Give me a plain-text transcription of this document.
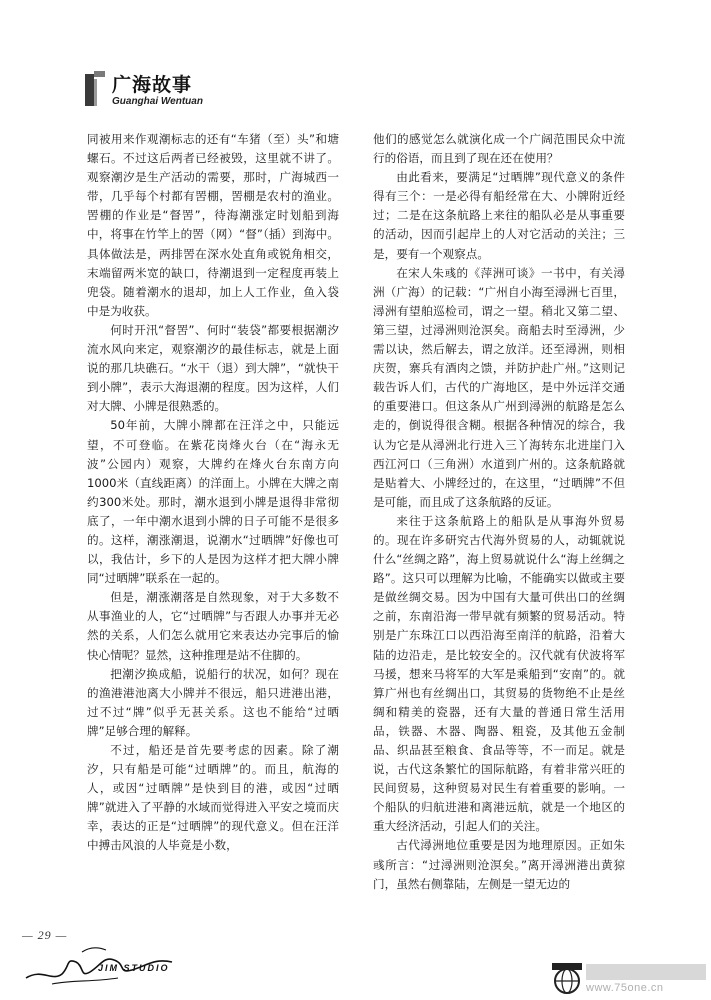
广海故事
Guanghai Wentuan

同被用来作观潮标志的还有“车猪（至）头”和塘螺石。不过这后两者已经被毁，这里就不讲了。观察潮汐是生产活动的需要，那时，广海城西一带，几乎每个村都有罟棚，罟棚是农村的渔业。罟棚的作业是“督罟”，待海潮涨定时划船到海中，将事在竹竿上的罟（网）“督”（插）到海中。具体做法是，两排罟在深水处直角或锐角相交，末端留两米宽的缺口，待潮退到一定程度再装上兜袋。随着潮水的退却，加上人工作业，鱼入袋中是为收获。

何时开汛“督罟”、何时“装袋”都要根据潮汐流水风向来定，观察潮汐的最佳标志，就是上面说的那几块礁石。“水干（退）到大牌”，“就快干到小牌”，表示大海退潮的程度。因为这样，人们对大牌、小牌是很熟悉的。

50年前，大牌小牌都在汪洋之中，只能远望，不可登临。在紫花岗烽火台（在“海永无波”公园内）观察，大牌约在烽火台东南方向1000米（直线距离）的洋面上。小牌在大牌之南约300米处。那时，潮水退到小牌是退得非常彻底了，一年中潮水退到小牌的日子可能不是很多的。这样，潮涨潮退，说潮水“过晒牌”好像也可以，我估计，乡下的人是因为这样才把大牌小牌同“过晒牌”联系在一起的。

但是，潮涨潮落是自然现象，对于大多数不从事渔业的人，它“过晒牌”与否跟人办事并无必然的关系，人们怎么就用它来表达办完事后的愉快心情呢？显然，这种推理是站不住脚的。

把潮汐换成船，说船行的状况，如何？现在的渔港港池离大小牌并不很远，船只进港出港，过不过“牌”似乎无甚关系。这也不能给“过晒牌”足够合理的解释。

不过，船还是首先要考虑的因素。除了潮汐，只有船是可能“过晒牌”的。而且，航海的人，或因“过晒牌”是快到目的港，或因“过晒牌”就进入了平静的水域而觉得进入平安之境而庆幸，表达的正是“过晒牌”的现代意义。但在汪洋中搏击风浪的人毕竟是小数，

他们的感觉怎么就演化成一个广阔范围民众中流行的俗语，而且到了现在还在使用？

由此看来，要满足“过晒牌”现代意义的条件得有三个：一是必得有船经常在大、小牌附近经过；二是在这条航路上来往的船队必是从事重要的活动，因而引起岸上的人对它活动的关注；三是，要有一个观察点。

在宋人朱彧的《萍洲可谈》一书中，有关潯洲（广海）的记载：“广州自小海至潯洲七百里，潯洲有望舶巡检司，谓之一望。稍北又第二望、第三望，过潯洲则沧溟矣。商船去时至潯洲，少需以诀，然后解去，谓之放洋。还至潯洲，则相庆贺，寨兵有酒肉之馈，并防护赴广州。”这则记载告诉人们，古代的广海地区，是中外远洋交通的重要港口。但这条从广州到潯洲的航路是怎么走的，倒说得很含糊。根据各种情况的综合，我认为它是从潯洲北行进入三丫海转东北进崖门入西江河口（三角洲）水道到广州的。这条航路就是贴着大、小牌经过的，在这里，“过晒牌”不但是可能，而且成了这条航路的反证。

来往于这条航路上的船队是从事海外贸易的。现在许多研究古代海外贸易的人，动辄就说什么“丝绸之路”，海上贸易就说什么“海上丝绸之路”。这只可以理解为比喻，不能确实以做或主要是做丝绸交易。因为中国有大量可供出口的丝绸之前，东南沿海一带早就有频繁的贸易活动。特别是广东珠江口以西沿海至南洋的航路，沿着大陆的边沿走，是比较安全的。汉代就有伏波将军马援，想来马将军的大军是乘船到“安南”的。就算广州也有丝绸出口，其贸易的货物绝不止是丝绸和精美的瓷器，还有大量的普通日常生活用品，铁器、木器、陶器、粗瓷，及其他五金制品、织品甚至粮食、食品等等，不一而足。就是说，古代这条繁忙的国际航路，有着非常兴旺的民间贸易，这种贸易对民生有着重要的影响。一个船队的归航进港和离港远航，就是一个地区的重大经济活动，引起人们的关注。

古代潯洲地位重要是因为地理原因。正如朱彧所言：“过潯洲则沧溟矣。”离开潯洲港出黄猄门，虽然右侧靠陆，左侧是一望无边的

— 29 —
JIM STUDIO
www.75one.cn
